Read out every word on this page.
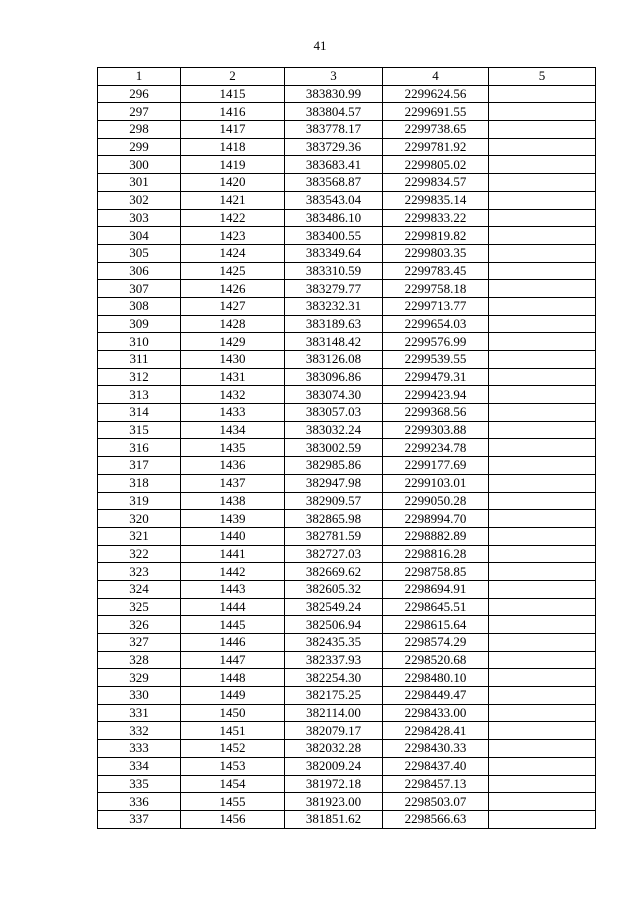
41
1	2	3	4	5
296	1415	383830.99	2299624.56	
297	1416	383804.57	2299691.55	
298	1417	383778.17	2299738.65	
299	1418	383729.36	2299781.92	
300	1419	383683.41	2299805.02	
301	1420	383568.87	2299834.57	
302	1421	383543.04	2299835.14	
303	1422	383486.10	2299833.22	
304	1423	383400.55	2299819.82	
305	1424	383349.64	2299803.35	
306	1425	383310.59	2299783.45	
307	1426	383279.77	2299758.18	
308	1427	383232.31	2299713.77	
309	1428	383189.63	2299654.03	
310	1429	383148.42	2299576.99	
311	1430	383126.08	2299539.55	
312	1431	383096.86	2299479.31	
313	1432	383074.30	2299423.94	
314	1433	383057.03	2299368.56	
315	1434	383032.24	2299303.88	
316	1435	383002.59	2299234.78	
317	1436	382985.86	2299177.69	
318	1437	382947.98	2299103.01	
319	1438	382909.57	2299050.28	
320	1439	382865.98	2298994.70	
321	1440	382781.59	2298882.89	
322	1441	382727.03	2298816.28	
323	1442	382669.62	2298758.85	
324	1443	382605.32	2298694.91	
325	1444	382549.24	2298645.51	
326	1445	382506.94	2298615.64	
327	1446	382435.35	2298574.29	
328	1447	382337.93	2298520.68	
329	1448	382254.30	2298480.10	
330	1449	382175.25	2298449.47	
331	1450	382114.00	2298433.00	
332	1451	382079.17	2298428.41	
333	1452	382032.28	2298430.33	
334	1453	382009.24	2298437.40	
335	1454	381972.18	2298457.13	
336	1455	381923.00	2298503.07	
337	1456	381851.62	2298566.63	
